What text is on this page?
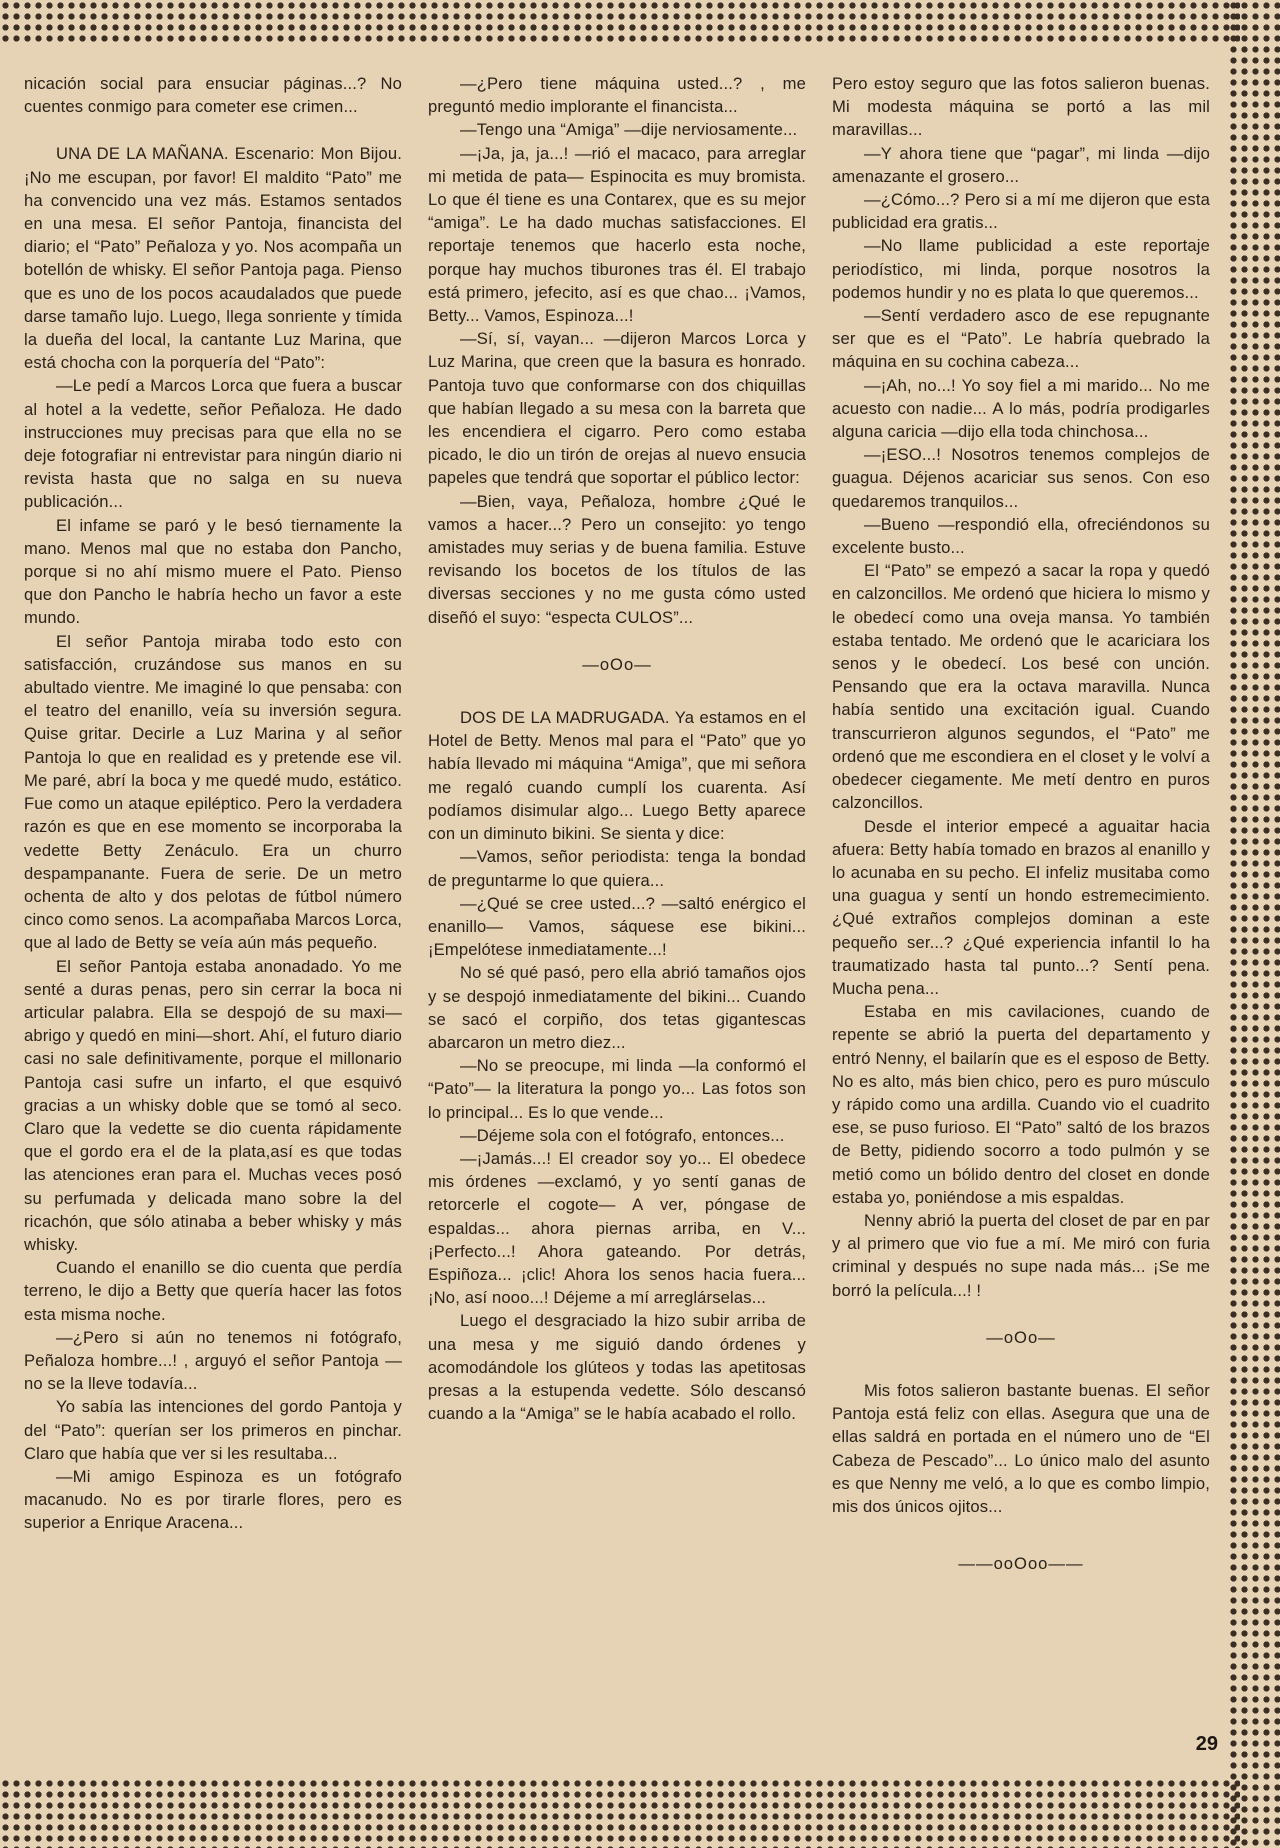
nicación social para ensuciar páginas...? No cuentes conmigo para cometer ese crimen...

UNA DE LA MAÑANA. Escenario: Mon Bijou. ¡No me escupan, por favor! El maldito “Pato” me ha convencido una vez más. Estamos sentados en una mesa. El señor Pantoja, financista del diario; el “Pato” Peñaloza y yo. Nos acompaña un botellón de whisky. El señor Pantoja paga. Pienso que es uno de los pocos acaudalados que puede darse tamaño lujo. Luego, llega sonriente y tímida la dueña del local, la cantante Luz Marina, que está chocha con la porquería del “Pato”:

—Le pedí a Marcos Lorca que fuera a buscar al hotel a la vedette, señor Peñaloza. He dado instrucciones muy precisas para que ella no se deje fotografiar ni entrevistar para ningún diario ni revista hasta que no salga en su nueva publicación...

El infame se paró y le besó tiernamente la mano. Menos mal que no estaba don Pancho, porque si no ahí mismo muere el Pato. Pienso que don Pancho le habría hecho un favor a este mundo.

El señor Pantoja miraba todo esto con satisfacción, cruzándose sus manos en su abultado vientre. Me imaginé lo que pensaba: con el teatro del enanillo, veía su inversión segura. Quise gritar. Decirle a Luz Marina y al señor Pantoja lo que en realidad es y pretende ese vil. Me paré, abrí la boca y me quedé mudo, estático. Fue como un ataque epiléptico. Pero la verdadera razón es que en ese momento se incorporaba la vedette Betty Zenáculo. Era un churro despampanante. Fuera de serie. De un metro ochenta de alto y dos pelotas de fútbol número cinco como senos. La acompañaba Marcos Lorca, que al lado de Betty se veía aún más pequeño.

El señor Pantoja estaba anonadado. Yo me senté a duras penas, pero sin cerrar la boca ni articular palabra. Ella se despojó de su maxi—abrigo y quedó en mini—short. Ahí, el futuro diario casi no sale definitivamente, porque el millonario Pantoja casi sufre un infarto, el que esquivó gracias a un whisky doble que se tomó al seco. Claro que la vedette se dio cuenta rápidamente que el gordo era el de la plata,así es que todas las atenciones eran para el. Muchas veces posó su perfumada y delicada mano sobre la del ricachón, que sólo atinaba a beber whisky y más whisky.

Cuando el enanillo se dio cuenta que perdía terreno, le dijo a Betty que quería hacer las fotos esta misma noche.

—¿Pero si aún no tenemos ni fotógrafo, Peñaloza hombre...! , arguyó el señor Pantoja —no se la lleve todavía...

Yo sabía las intenciones del gordo Pantoja y del “Pato”: querían ser los primeros en pinchar. Claro que había que ver si les resultaba...

—Mi amigo Espinoza es un fotógrafo macanudo. No es por tirarle flores, pero es superior a Enrique Aracena...

—¿Pero tiene máquina usted...? , me preguntó medio implorante el financista...

—Tengo una “Amiga” —dije nerviosamente...

—¡Ja, ja, ja...! —rió el macaco, para arreglar mi metida de pata— Espinocita es muy bromista. Lo que él tiene es una Contarex, que es su mejor “amiga”. Le ha dado muchas satisfacciones. El reportaje tenemos que hacerlo esta noche, porque hay muchos tiburones tras él. El trabajo está primero, jefecito, así es que chao... ¡Vamos, Betty... Vamos, Espinoza...!

—Sí, sí, vayan... —dijeron Marcos Lorca y Luz Marina, que creen que la basura es honrado. Pantoja tuvo que conformarse con dos chiquillas que habían llegado a su mesa con la barreta que les encendiera el cigarro. Pero como estaba picado, le dio un tirón de orejas al nuevo ensucia papeles que tendrá que soportar el público lector:

—Bien, vaya, Peñaloza, hombre ¿Qué le vamos a hacer...? Pero un consejito: yo tengo amistades muy serias y de buena familia. Estuve revisando los bocetos de los títulos de las diversas secciones y no me gusta cómo usted diseñó el suyo: “especta CULOS”...

—oOo—

DOS DE LA MADRUGADA. Ya estamos en el Hotel de Betty. Menos mal para el “Pato” que yo había llevado mi máquina “Amiga”, que mi señora me regaló cuando cumplí los cuarenta. Así podíamos disimular algo... Luego Betty aparece con un diminuto bikini. Se sienta y dice:

—Vamos, señor periodista: tenga la bondad de preguntarme lo que quiera...

—¿Qué se cree usted...? —saltó enérgico el enanillo— Vamos, sáquese ese bikini... ¡Empelótese inmediatamente...!

No sé qué pasó, pero ella abrió tamaños ojos y se despojó inmediatamente del bikini... Cuando se sacó el corpiño, dos tetas gigantescas abarcaron un metro diez...

—No se preocupe, mi linda —la conformó el “Pato”— la literatura la pongo yo... Las fotos son lo principal... Es lo que vende...

—Déjeme sola con el fotógrafo, entonces...

—¡Jamás...! El creador soy yo... El obedece mis órdenes —exclamó, y yo sentí ganas de retorcerle el cogote— A ver, póngase de espaldas... ahora piernas arriba, en V... ¡Perfecto...! Ahora gateando. Por detrás, Espiñoza... ¡clic! Ahora los senos hacia fuera... ¡No, así nooo...! Déjeme a mí arreglárselas...

Luego el desgraciado la hizo subir arriba de una mesa y me siguió dando órdenes y acomodándole los glúteos y todas las apetitosas presas a la estupenda vedette. Sólo descansó cuando a la “Amiga” se le había acabado el rollo.

Pero estoy seguro que las fotos salieron buenas. Mi modesta máquina se portó a las mil maravillas...

—Y ahora tiene que “pagar”, mi linda —dijo amenazante el grosero...

—¿Cómo...? Pero si a mí me dijeron que esta publicidad era gratis...

—No llame publicidad a este reportaje periodístico, mi linda, porque nosotros la podemos hundir y no es plata lo que queremos...

—Sentí verdadero asco de ese repugnante ser que es el “Pato”. Le habría quebrado la máquina en su cochina cabeza...

—¡Ah, no...! Yo soy fiel a mi marido... No me acuesto con nadie... A lo más, podría prodigarles alguna caricia —dijo ella toda chinchosa...

—¡ESO...! Nosotros tenemos complejos de guagua. Déjenos acariciar sus senos. Con eso quedaremos tranquilos...

—Bueno —respondió ella, ofreciéndonos su excelente busto...

El “Pato” se empezó a sacar la ropa y quedó en calzoncillos. Me ordenó que hiciera lo mismo y le obedecí como una oveja mansa. Yo también estaba tentado. Me ordenó que le acariciara los senos y le obedecí. Los besé con unción. Pensando que era la octava maravilla. Nunca había sentido una excitación igual. Cuando transcurrieron algunos segundos, el “Pato” me ordenó que me escondiera en el closet y le volví a obedecer ciegamente. Me metí dentro en puros calzoncillos.

Desde el interior empecé a aguaitar hacia afuera: Betty había tomado en brazos al enanillo y lo acunaba en su pecho. El infeliz musitaba como una guagua y sentí un hondo estremecimiento. ¿Qué extraños complejos dominan a este pequeño ser...? ¿Qué experiencia infantil lo ha traumatizado hasta tal punto...? Sentí pena. Mucha pena...

Estaba en mis cavilaciones, cuando de repente se abrió la puerta del departamento y entró Nenny, el bailarín que es el esposo de Betty. No es alto, más bien chico, pero es puro músculo y rápido como una ardilla. Cuando vio el cuadrito ese, se puso furioso. El “Pato” saltó de los brazos de Betty, pidiendo socorro a todo pulmón y se metió como un bólido dentro del closet en donde estaba yo, poniéndose a mis espaldas.

Nenny abrió la puerta del closet de par en par y al primero que vio fue a mí. Me miró con furia criminal y después no supe nada más... ¡Se me borró la película...! !

—oOo—

Mis fotos salieron bastante buenas. El señor Pantoja está feliz con ellas. Asegura que una de ellas saldrá en portada en el número uno de “El Cabeza de Pescado”... Lo único malo del asunto es que Nenny me veló, a lo que es combo limpio, mis dos únicos ojitos...

——ooOoo——

29
